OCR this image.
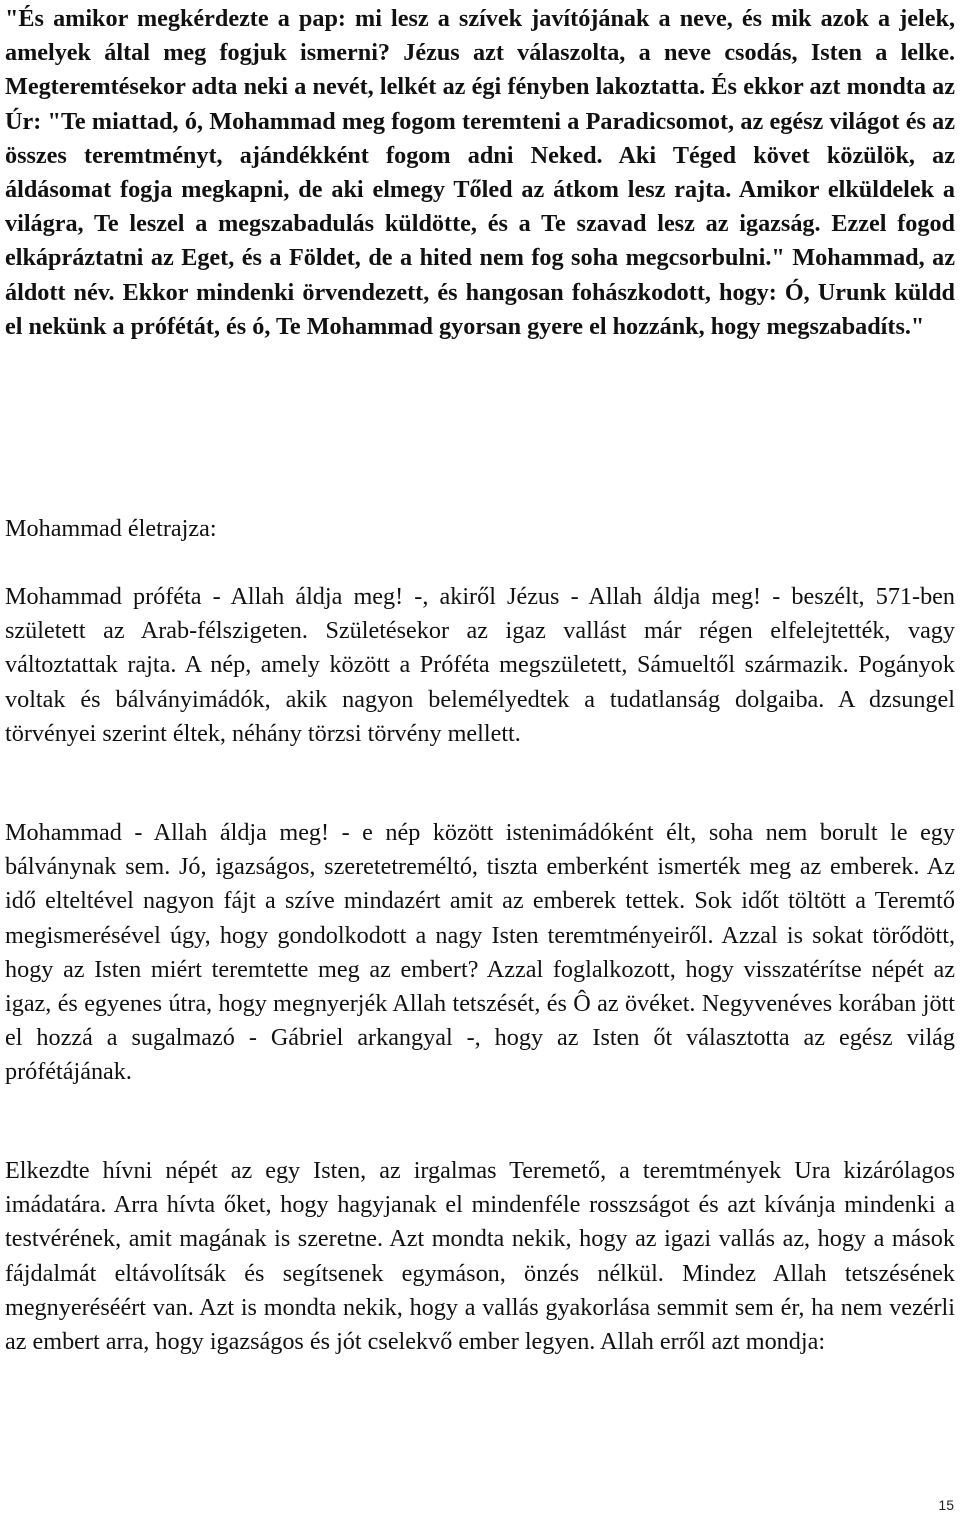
"És amikor megkérdezte a pap: mi lesz a szívek javítójának a neve, és mik azok a jelek, amelyek által meg fogjuk ismerni? Jézus azt válaszolta, a neve csodás, Isten a lelke. Megteremtésekor adta neki a nevét, lelkét az égi fényben lakoztatta. És ekkor azt mondta az Úr: "Te miattad, ó, Mohammad meg fogom teremteni a Paradicsomot, az egész világot és az összes teremtményt, ajándékként fogom adni Neked. Aki Téged követ közülök, az áldásomat fogja megkapni, de aki elmegy Tőled az átkom lesz rajta. Amikor elküldelek a világra, Te leszel a megszabadulás küldötte, és a Te szavad lesz az igazság. Ezzel fogod elkápráztatni az Eget, és a Földet, de a hited nem fog soha megcsorbulni." Mohammad, az áldott név. Ekkor mindenki örvendezett, és hangosan fohászkodott, hogy: Ó, Urunk küldd el nekünk a prófétát, és ó, Te Mohammad gyorsan gyere el hozzánk, hogy megszabadíts."

Mohammad életrajza:

Mohammad próféta - Allah áldja meg! -, akiről Jézus - Allah áldja meg! - beszélt, 571-ben született az Arab-félszigeten. Születésekor az igaz vallást már régen elfelejtették, vagy változtattak rajta. A nép, amely között a Próféta megszületett, Sámueltől származik. Pogányok voltak és bálványimádók, akik nagyon belemélyedtek a tudatlanság dolgaiba. A dzsungel törvényei szerint éltek, néhány törzsi törvény mellett.

Mohammad - Allah áldja meg! - e nép között istenimádóként élt, soha nem borult le egy bálványnak sem. Jó, igazságos, szeretetreméltó, tiszta emberként ismerték meg az emberek. Az idő elteltével nagyon fájt a szíve mindazért amit az emberek tettek. Sok időt töltött a Teremtő megismerésével úgy, hogy gondolkodott a nagy Isten teremtményeiről. Azzal is sokat törődött, hogy az Isten miért teremtette meg az embert? Azzal foglalkozott, hogy visszatérítse népét az igaz, és egyenes útra, hogy megnyerjék Allah tetszését, és Ô az övéket. Negyvenéves korában jött el hozzá a sugalmazó - Gábriel arkangyal -, hogy az Isten őt választotta az egész világ prófétájának.

Elkezdte hívni népét az egy Isten, az irgalmas Teremető, a teremtmények Ura kizárólagos imádatára. Arra hívta őket, hogy hagyjanak el mindenféle rosszságot és azt kívánja mindenki a testvérének, amit magának is szeretne. Azt mondta nekik, hogy az igazi vallás az, hogy a mások fájdalmát eltávolítsák és segítsenek egymáson, önzés nélkül. Mindez Allah tetszésének megnyeréséért van. Azt is mondta nekik, hogy a vallás gyakorlása semmit sem ér, ha nem vezérli az embert arra, hogy igazságos és jót cselekvő ember legyen. Allah erről azt mondja:

15
